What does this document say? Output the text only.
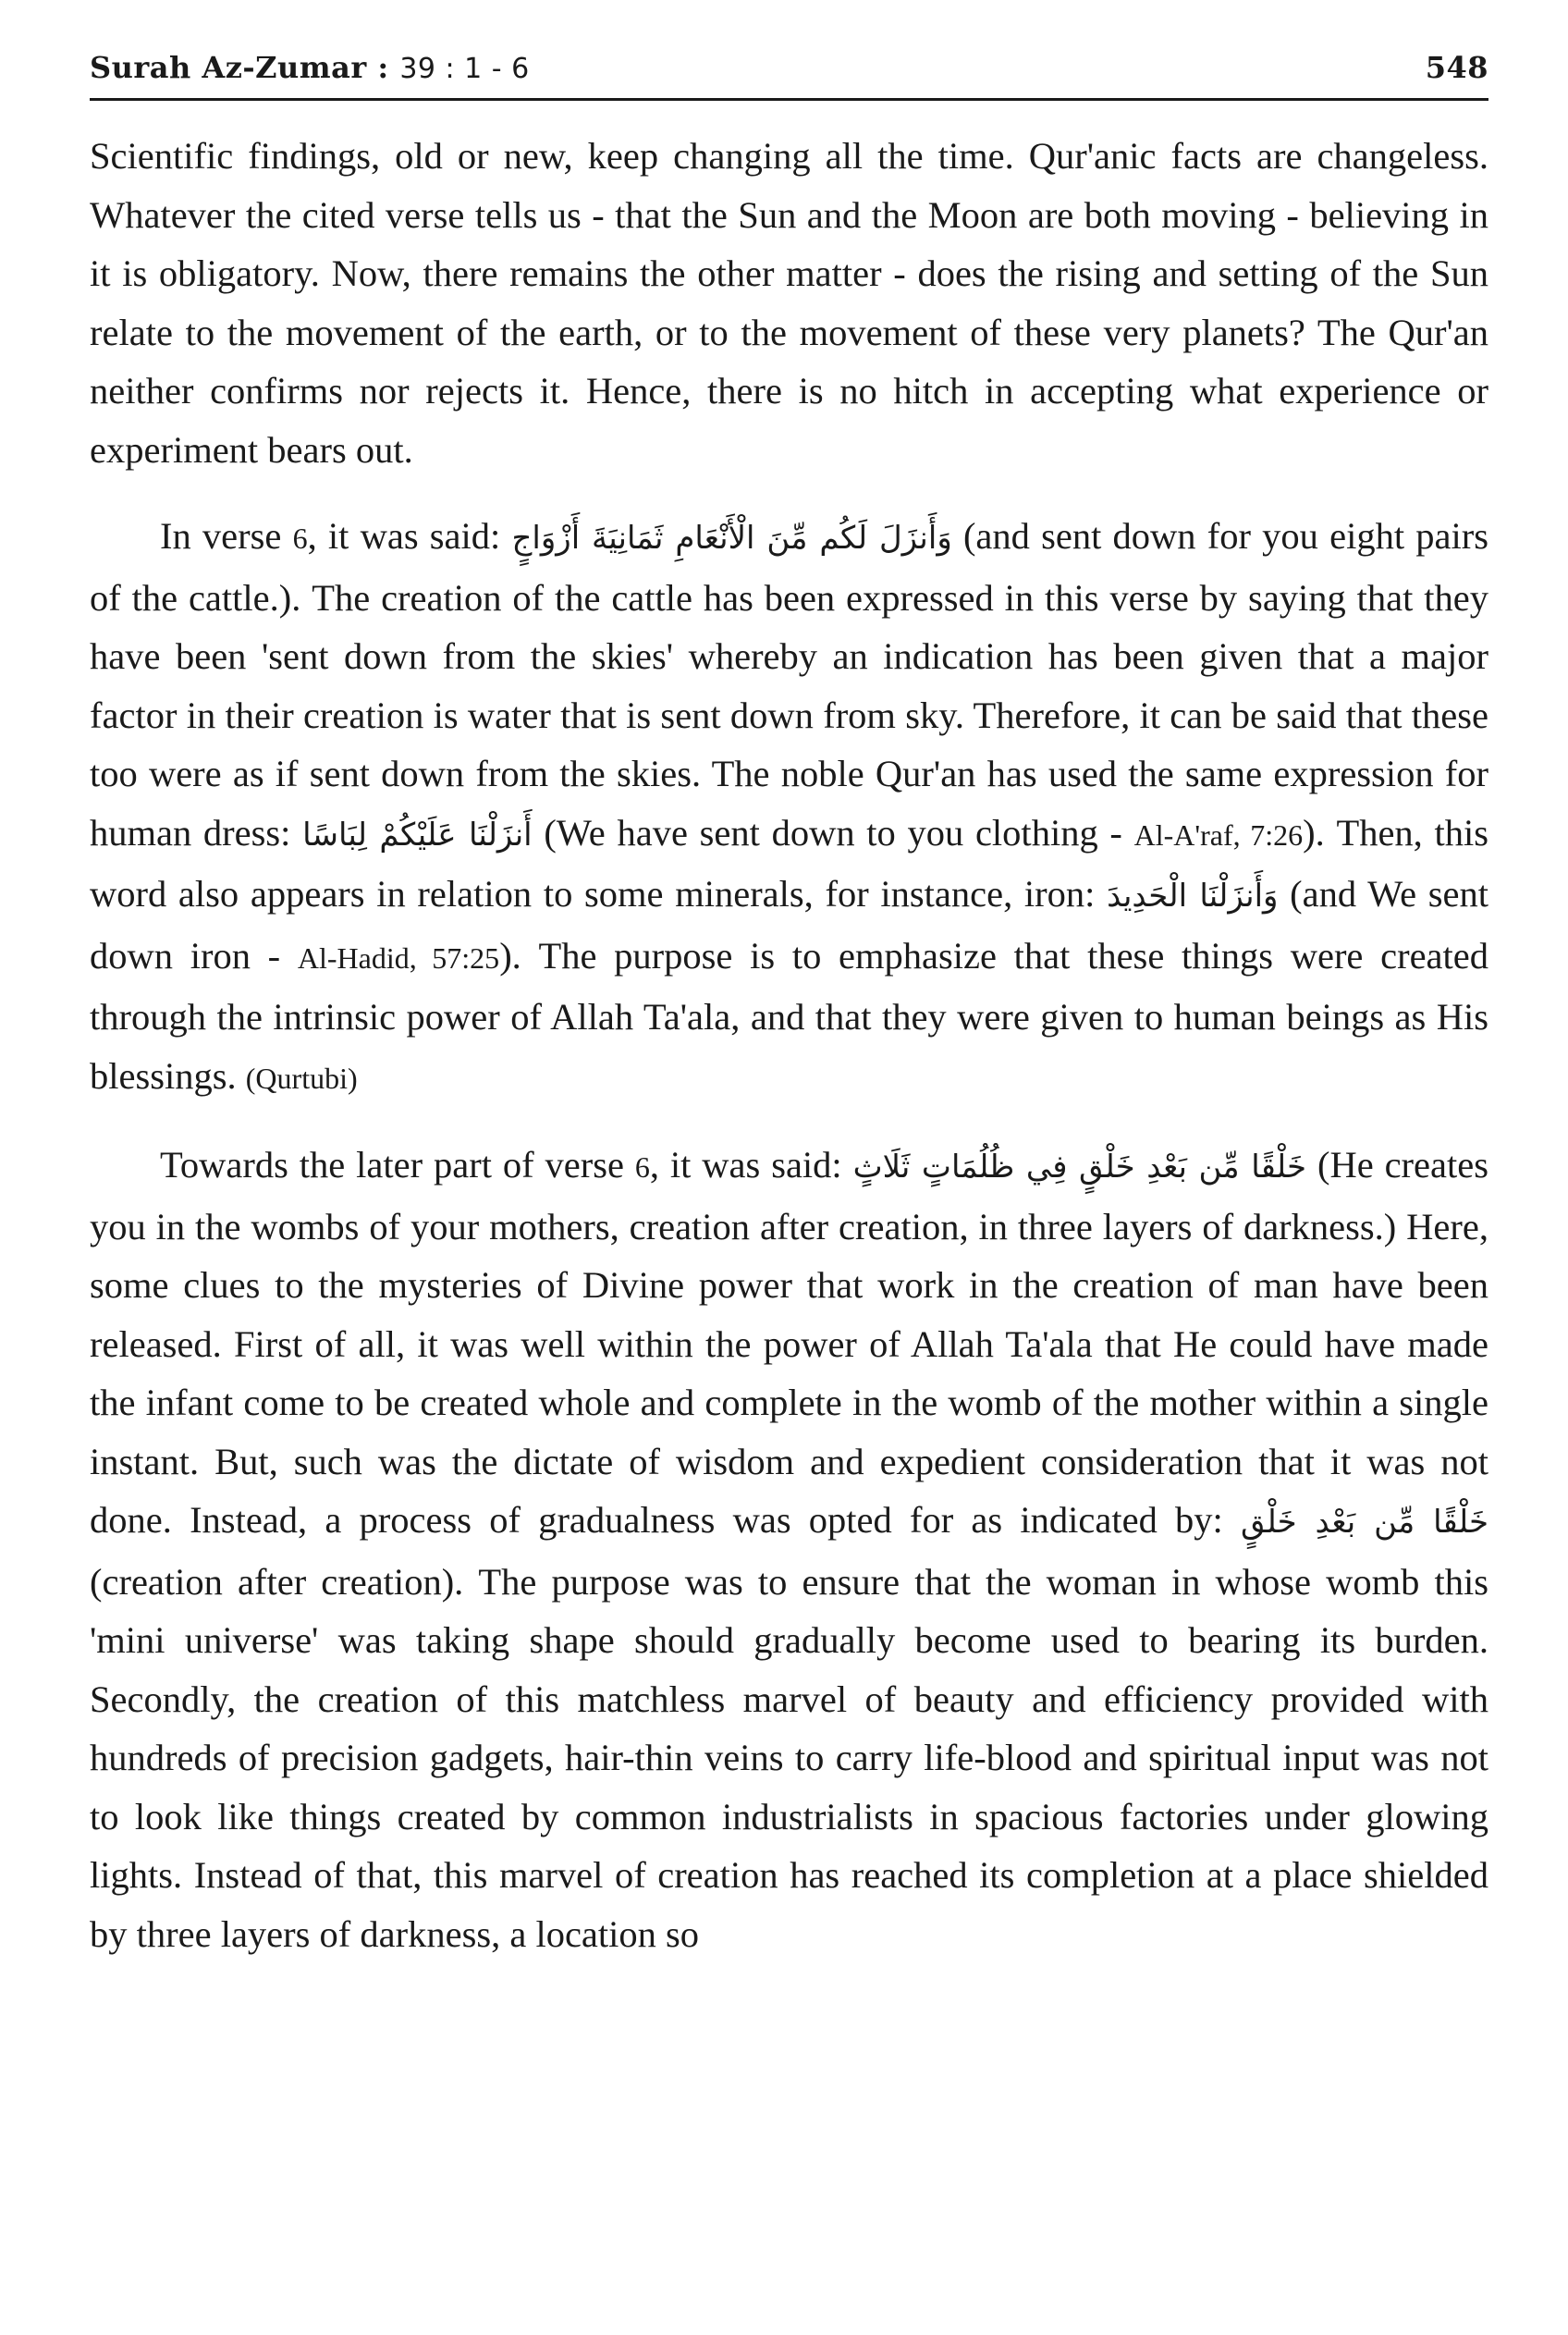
Surah Az-Zumar : 39 : 1 - 6	548

Scientific findings, old or new, keep changing all the time. Qur'anic facts are changeless. Whatever the cited verse tells us - that the Sun and the Moon are both moving - believing in it is obligatory. Now, there remains the other matter - does the rising and setting of the Sun relate to the movement of the earth, or to the movement of these very planets? The Qur'an neither confirms nor rejects it. Hence, there is no hitch in accepting what experience or experiment bears out.

In verse 6, it was said: وَأَنزَلَ لَكُم مِّنَ الْأَنْعَامِ ثَمَانِيَةَ أَزْوَاجٍ (and sent down for you eight pairs of the cattle.). The creation of the cattle has been expressed in this verse by saying that they have been 'sent down from the skies' whereby an indication has been given that a major factor in their creation is water that is sent down from sky. Therefore, it can be said that these too were as if sent down from the skies. The noble Qur'an has used the same expression for human dress: أَنزَلْنَا عَلَيْكُمْ لِبَاسًا (We have sent down to you clothing - Al-A'raf, 7:26). Then, this word also appears in relation to some minerals, for instance, iron: وَأَنزَلْنَا الْحَدِيدَ (and We sent down iron - Al-Hadid, 57:25). The purpose is to emphasize that these things were created through the intrinsic power of Allah Ta'ala, and that they were given to human beings as His blessings. (Qurtubi)

Towards the later part of verse 6, it was said: خَلْقًا مِّن بَعْدِ خَلْقٍ فِي ظُلُمَاتٍ ثَلَاثٍ (He creates you in the wombs of your mothers, creation after creation, in three layers of darkness.) Here, some clues to the mysteries of Divine power that work in the creation of man have been released. First of all, it was well within the power of Allah Ta'ala that He could have made the infant come to be created whole and complete in the womb of the mother within a single instant. But, such was the dictate of wisdom and expedient consideration that it was not done. Instead, a process of gradualness was opted for as indicated by: خَلْقًا مِّن بَعْدِ خَلْقٍ (creation after creation). The purpose was to ensure that the woman in whose womb this 'mini universe' was taking shape should gradually become used to bearing its burden. Secondly, the creation of this matchless marvel of beauty and efficiency provided with hundreds of precision gadgets, hair-thin veins to carry life-blood and spiritual input was not to look like things created by common industrialists in spacious factories under glowing lights. Instead of that, this marvel of creation has reached its completion at a place shielded by three layers of darkness, a location so
